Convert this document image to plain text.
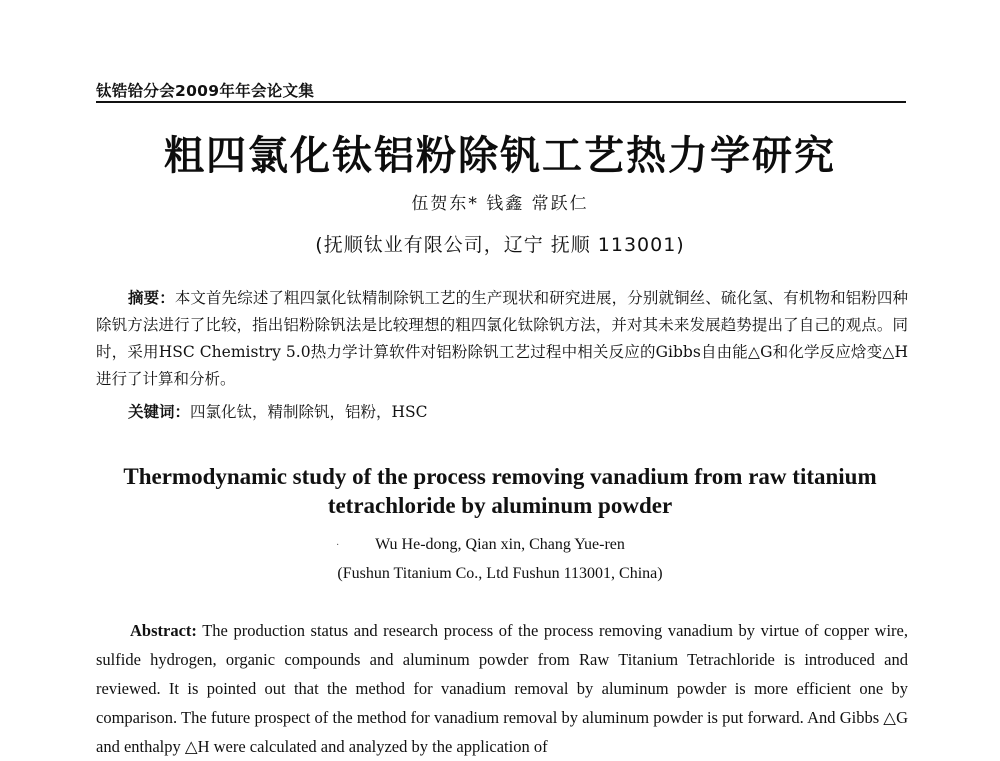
钛锆铪分会2009年年会论文集
粗四氯化钛铝粉除钒工艺热力学研究
伍贺东* 钱鑫 常跃仁
(抚顺钛业有限公司，辽宁 抚顺 113001)
摘要：本文首先综述了粗四氯化钛精制除钒工艺的生产现状和研究进展，分别就铜丝、硫化氢、有机物和铝粉四种除钒方法进行了比较，指出铝粉除钒法是比较理想的粗四氯化钛除钒方法，并对其未来发展趋势提出了自己的观点。同时，采用HSC Chemistry 5.0热力学计算软件对铝粉除钒工艺过程中相关反应的Gibbs自由能△G和化学反应焓变△H进行了计算和分析。
关键词：四氯化钛，精制除钒，铝粉，HSC
Thermodynamic study of the process removing vanadium from raw titanium tetrachloride by aluminum powder
·	Wu He-dong, Qian xin, Chang Yue-ren
(Fushun Titanium Co., Ltd Fushun 113001, China)
Abstract: The production status and research process of the process removing vanadium by virtue of copper wire, sulfide hydrogen, organic compounds and aluminum powder from Raw Titanium Tetrachloride is introduced and reviewed. It is pointed out that the method for vanadium removal by aluminum powder is more efficient one by comparison. The future prospect of the method for vanadium removal by aluminum powder is put forward. And Gibbs △G and enthalpy △H were calculated and analyzed by the application of
